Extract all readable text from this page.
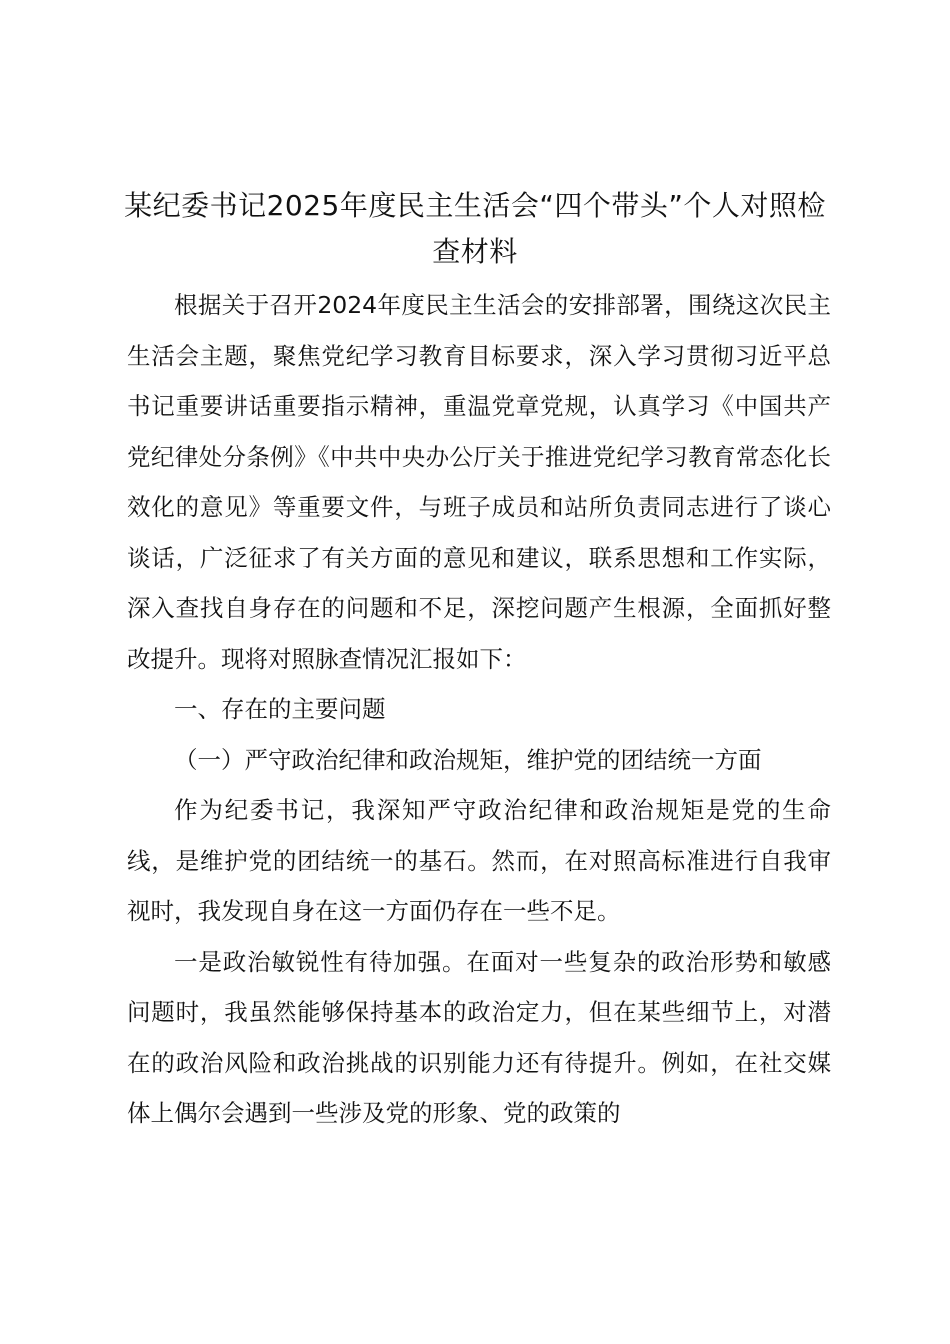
某纪委书记2025年度民主生活会“四个带头”个人对照检查材料

根据关于召开2024年度民主生活会的安排部署，围绕这次民主生活会主题，聚焦党纪学习教育目标要求，深入学习贯彻习近平总书记重要讲话重要指示精神，重温党章党规，认真学习《中国共产党纪律处分条例》《中共中央办公厅关于推进党纪学习教育常态化长效化的意见》等重要文件，与班子成员和站所负责同志进行了谈心谈话，广泛征求了有关方面的意见和建议，联系思想和工作实际，深入查找自身存在的问题和不足，深挖问题产生根源，全面抓好整改提升。现将对照脉查情况汇报如下：

一、存在的主要问题

（一）严守政治纪律和政治规矩，维护党的团结统一方面

作为纪委书记，我深知严守政治纪律和政治规矩是党的生命线，是维护党的团结统一的基石。然而，在对照高标准进行自我审视时，我发现自身在这一方面仍存在一些不足。

一是政治敏锐性有待加强。在面对一些复杂的政治形势和敏感问题时，我虽然能够保持基本的政治定力，但在某些细节上，对潜在的政治风险和政治挑战的识别能力还有待提升。例如，在社交媒体上偶尔会遇到一些涉及党的形象、党的政策的
